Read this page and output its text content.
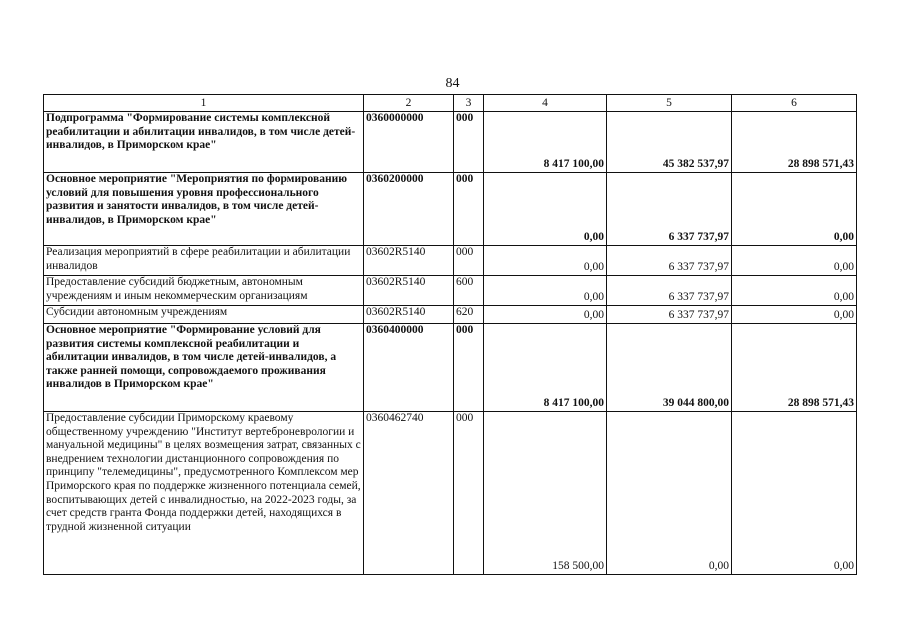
84
1	2	3	4	5	6
Подпрограмма "Формирование системы комплексной реабилитации и абилитации инвалидов, в том числе детей-инвалидов, в Приморском крае"	0360000000	000	8 417 100,00	45 382 537,97	28 898 571,43
Основное мероприятие "Мероприятия по формированию условий для повышения уровня профессионального развития и занятости инвалидов, в том числе детей-инвалидов, в Приморском крае"	0360200000	000	0,00	6 337 737,97	0,00
Реализация мероприятий в сфере реабилитации и абилитации инвалидов	03602R5140	000	0,00	6 337 737,97	0,00
Предоставление субсидий бюджетным, автономным учреждениям и иным некоммерческим организациям	03602R5140	600	0,00	6 337 737,97	0,00
Субсидии автономным учреждениям	03602R5140	620	0,00	6 337 737,97	0,00
Основное мероприятие "Формирование условий для развития системы комплексной реабилитации и абилитации инвалидов, в том числе детей-инвалидов, а также ранней помощи, сопровождаемого проживания инвалидов в Приморском крае"	0360400000	000	8 417 100,00	39 044 800,00	28 898 571,43
Предоставление субсидии Приморскому краевому общественному учреждению "Институт вертеброневрологии и мануальной медицины" в целях возмещения затрат, связанных с внедрением технологии дистанционного сопровождения по принципу "телемедицины", предусмотренного Комплексом мер Приморского края по поддержке жизненного потенциала семей, воспитывающих детей с инвалидностью, на 2022-2023 годы, за счет средств гранта Фонда поддержки детей, находящихся в трудной жизненной ситуации	0360462740	000	158 500,00	0,00	0,00
